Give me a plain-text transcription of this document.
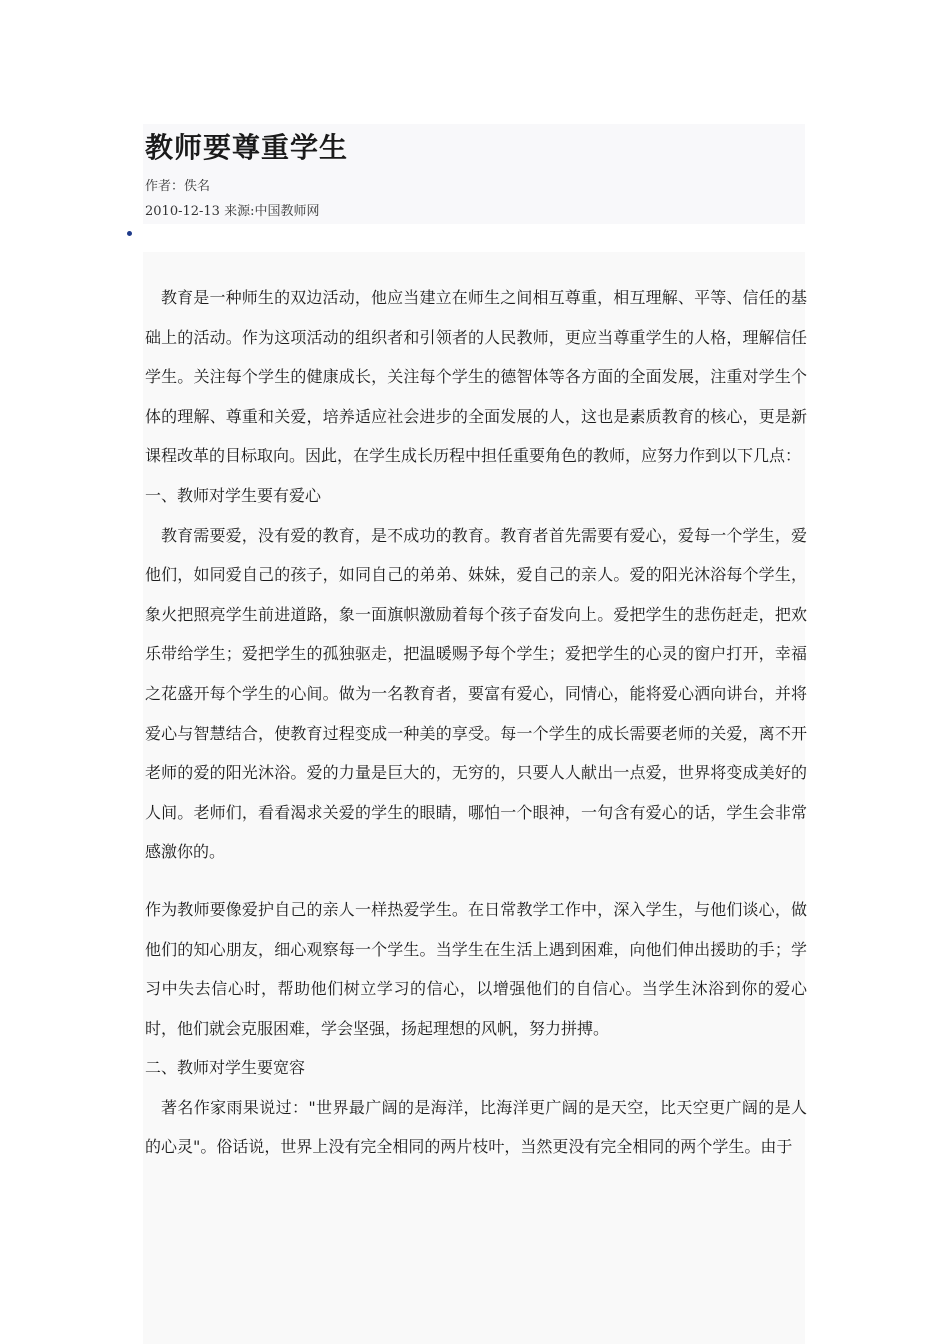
教师要尊重学生
作者：佚名
2010-12-13 来源:中国教师网

教育是一种师生的双边活动，他应当建立在师生之间相互尊重，相互理解、平等、信任的基础上的活动。作为这项活动的组织者和引领者的人民教师，更应当尊重学生的人格，理解信任学生。关注每个学生的健康成长，关注每个学生的德智体等各方面的全面发展，注重对学生个体的理解、尊重和关爱，培养适应社会进步的全面发展的人，这也是素质教育的核心，更是新课程改革的目标取向。因此，在学生成长历程中担任重要角色的教师，应努力作到以下几点：

一、教师对学生要有爱心

教育需要爱，没有爱的教育，是不成功的教育。教育者首先需要有爱心，爱每一个学生，爱他们，如同爱自己的孩子，如同自己的弟弟、妹妹，爱自己的亲人。爱的阳光沐浴每个学生，象火把照亮学生前进道路，象一面旗帜激励着每个孩子奋发向上。爱把学生的悲伤赶走，把欢乐带给学生；爱把学生的孤独驱走，把温暖赐予每个学生；爱把学生的心灵的窗户打开，幸福之花盛开每个学生的心间。做为一名教育者，要富有爱心，同情心，能将爱心洒向讲台，并将爱心与智慧结合，使教育过程变成一种美的享受。每一个学生的成长需要老师的关爱，离不开老师的爱的阳光沐浴。爱的力量是巨大的，无穷的，只要人人献出一点爱，世界将变成美好的人间。老师们，看看渴求关爱的学生的眼睛，哪怕一个眼神，一句含有爱心的话，学生会非常感激你的。

作为教师要像爱护自己的亲人一样热爱学生。在日常教学工作中，深入学生，与他们谈心，做他们的知心朋友，细心观察每一个学生。当学生在生活上遇到困难，向他们伸出援助的手；学习中失去信心时，帮助他们树立学习的信心，以增强他们的自信心。当学生沐浴到你的爱心时，他们就会克服困难，学会坚强，扬起理想的风帆，努力拼搏。

二、教师对学生要宽容

著名作家雨果说过："世界最广阔的是海洋，比海洋更广阔的是天空，比天空更广阔的是人的心灵"。俗话说，世界上没有完全相同的两片枝叶，当然更没有完全相同的两个学生。由于
